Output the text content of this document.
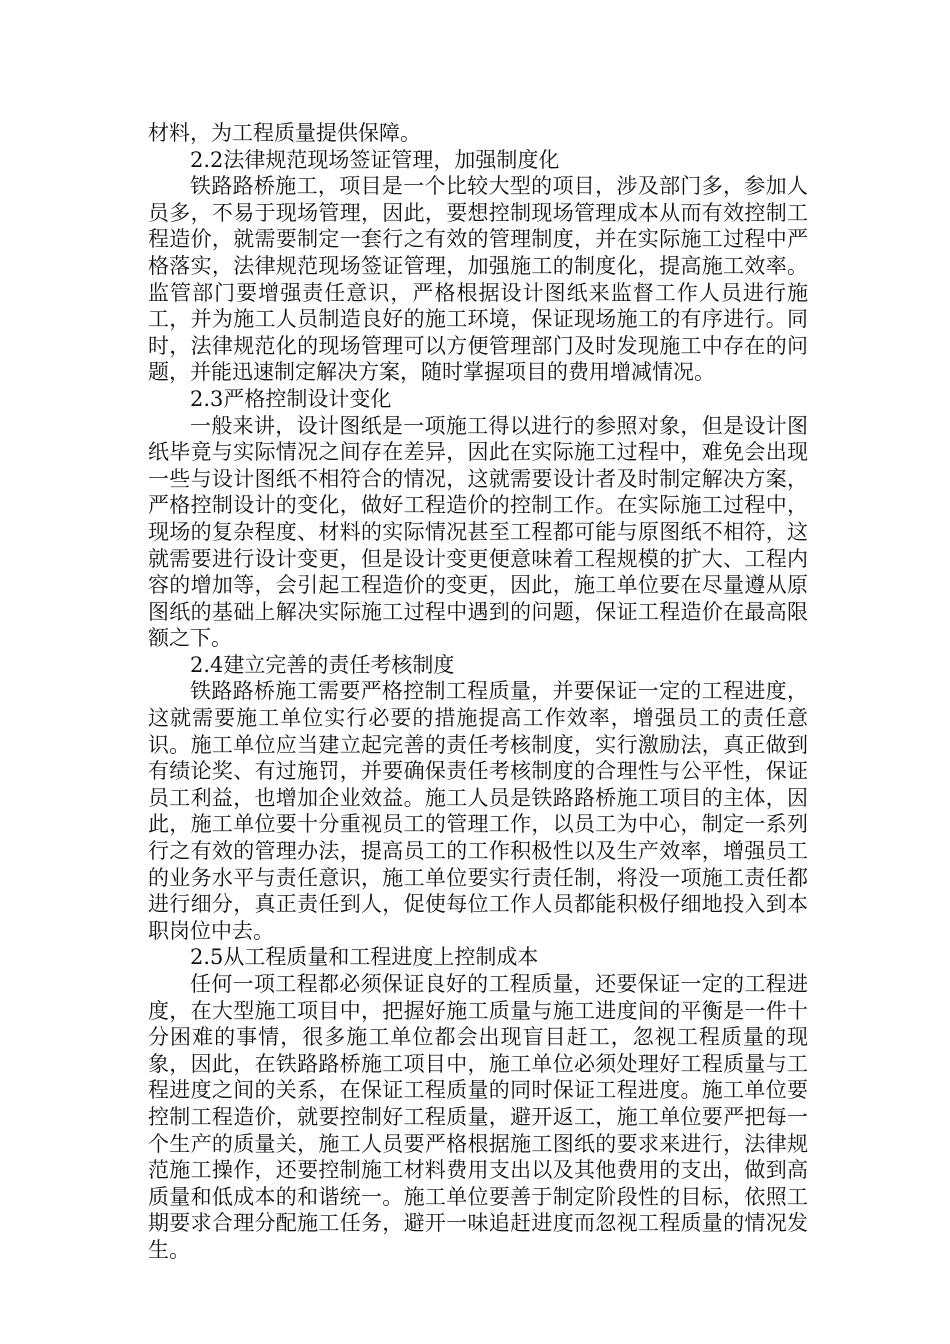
材料，为工程质量提供保障。

2.2法律规范现场签证管理，加强制度化

铁路路桥施工，项目是一个比较大型的项目，涉及部门多，参加人员多，不易于现场管理，因此，要想控制现场管理成本从而有效控制工程造价，就需要制定一套行之有效的管理制度，并在实际施工过程中严格落实，法律规范现场签证管理，加强施工的制度化，提高施工效率。监管部门要增强责任意识，严格根据设计图纸来监督工作人员进行施工，并为施工人员制造良好的施工环境，保证现场施工的有序进行。同时，法律规范化的现场管理可以方便管理部门及时发现施工中存在的问题，并能迅速制定解决方案，随时掌握项目的费用增减情况。

2.3严格控制设计变化

一般来讲，设计图纸是一项施工得以进行的参照对象，但是设计图纸毕竟与实际情况之间存在差异，因此在实际施工过程中，难免会出现一些与设计图纸不相符合的情况，这就需要设计者及时制定解决方案，严格控制设计的变化，做好工程造价的控制工作。在实际施工过程中，现场的复杂程度、材料的实际情况甚至工程都可能与原图纸不相符，这就需要进行设计变更，但是设计变更便意味着工程规模的扩大、工程内容的增加等，会引起工程造价的变更，因此，施工单位要在尽量遵从原图纸的基础上解决实际施工过程中遇到的问题，保证工程造价在最高限额之下。

2.4建立完善的责任考核制度

铁路路桥施工需要严格控制工程质量，并要保证一定的工程进度，这就需要施工单位实行必要的措施提高工作效率，增强员工的责任意识。施工单位应当建立起完善的责任考核制度，实行激励法，真正做到有绩论奖、有过施罚，并要确保责任考核制度的合理性与公平性，保证员工利益，也增加企业效益。施工人员是铁路路桥施工项目的主体，因此，施工单位要十分重视员工的管理工作，以员工为中心，制定一系列行之有效的管理办法，提高员工的工作积极性以及生产效率，增强员工的业务水平与责任意识，施工单位要实行责任制，将没一项施工责任都进行细分，真正责任到人，促使每位工作人员都能积极仔细地投入到本职岗位中去。

2.5从工程质量和工程进度上控制成本

任何一项工程都必须保证良好的工程质量，还要保证一定的工程进度，在大型施工项目中，把握好施工质量与施工进度间的平衡是一件十分困难的事情，很多施工单位都会出现盲目赶工，忽视工程质量的现象，因此，在铁路路桥施工项目中，施工单位必须处理好工程质量与工程进度之间的关系，在保证工程质量的同时保证工程进度。施工单位要控制工程造价，就要控制好工程质量，避开返工，施工单位要严把每一个生产的质量关，施工人员要严格根据施工图纸的要求来进行，法律规范施工操作，还要控制施工材料费用支出以及其他费用的支出，做到高质量和低成本的和谐统一。施工单位要善于制定阶段性的目标，依照工期要求合理分配施工任务，避开一味追赶进度而忽视工程质量的情况发生。
